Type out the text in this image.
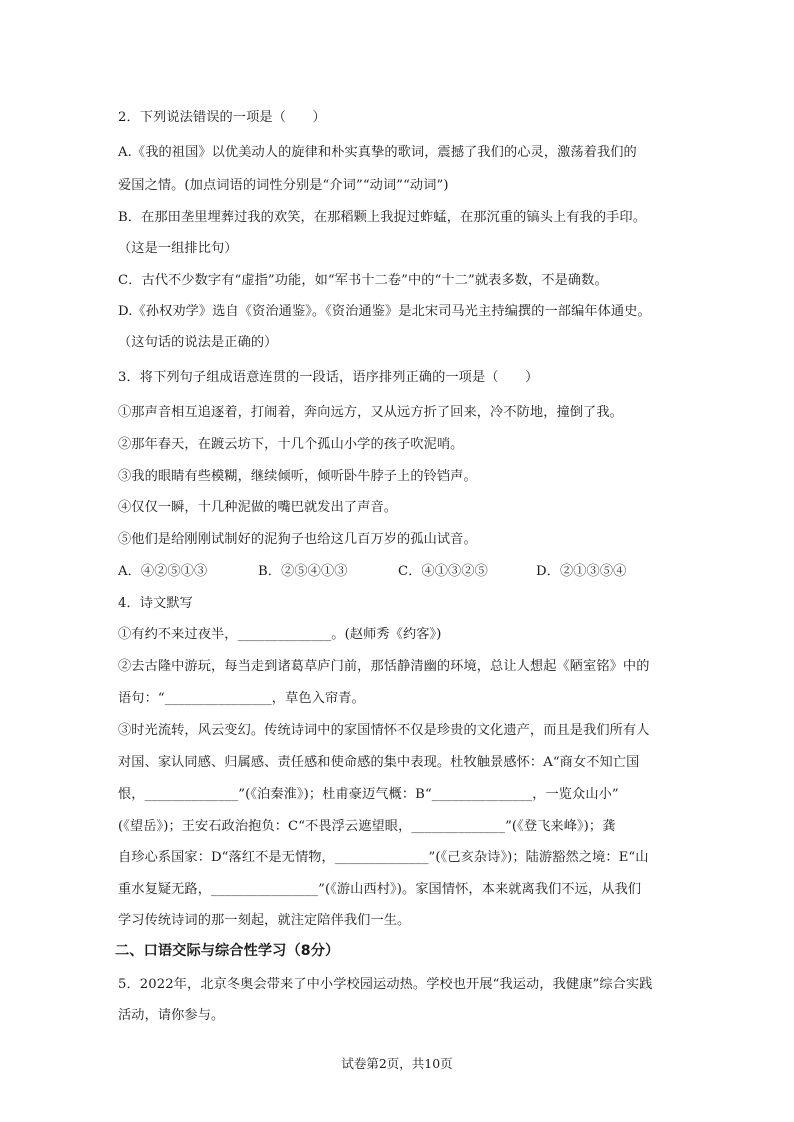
2．下列说法错误的一项是（　　）
A.《我的祖国》以优美动人的旋律和朴实真挚的歌词，震撼了我们的心灵，激荡着我们的
爱国之情。(加点词语的词性分别是“介词”“动词”“动词”)
B．在那田垄里埋葬过我的欢笑，在那稻颗上我捉过蚱蜢，在那沉重的镐头上有我的手印。
（这是一组排比句）
C．古代不少数字有“虚指”功能，如“军书十二卷”中的“十二”就表多数，不是确数。
D.《孙权劝学》选自《资治通鉴》。《资治通鉴》是北宋司马光主持编撰的一部编年体通史。
（这句话的说法是正确的）
3．将下列句子组成语意连贯的一段话，语序排列正确的一项是（　　）
①那声音相互追逐着，打闹着，奔向远方，又从远方折了回来，冷不防地，撞倒了我。
②那年春天，在踱云坊下，十几个孤山小学的孩子吹泥哨。
③我的眼睛有些模糊，继续倾听，倾听卧牛脖子上的铃铛声。
④仅仅一瞬，十几种泥做的嘴巴就发出了声音。
⑤他们是给刚刚试制好的泥狗子也给这几百万岁的孤山试音。
A．④②⑤①③	B．②⑤④①③	C．④①③②⑤	D．②①③⑤④
4．诗文默写
①有约不来过夜半，______________。(赵师秀《约客》)
②去古隆中游玩，每当走到诸葛草庐门前，那恬静清幽的环境，总让人想起《陋室铭》中的
语句：“________________，草色入帘青。
③时光流转，风云变幻。传统诗词中的家国情怀不仅是珍贵的文化遗产，而且是我们所有人
对国、家认同感、归属感、责任感和使命感的集中表现。杜牧触景感怀：A“商女不知亡国
恨，______________”(《泊秦淮》)；杜甫豪迈气概：B“_______________，一览众山小”
(《望岳》)；王安石政治抱负：C“不畏浮云遮望眼，______________”(《登飞来峰》)；龚
自珍心系国家：D“落红不是无情物，______________”(《己亥杂诗》)；陆游豁然之境：E“山
重水复疑无路，________________”(《游山西村》)。家国情怀，本来就离我们不远，从我们
学习传统诗词的那一刻起，就注定陪伴我们一生。
二、口语交际与综合性学习（8分）
5．2022年，北京冬奥会带来了中小学校园运动热。学校也开展“我运动，我健康”综合实践
活动，请你参与。
试卷第2页，共10页
